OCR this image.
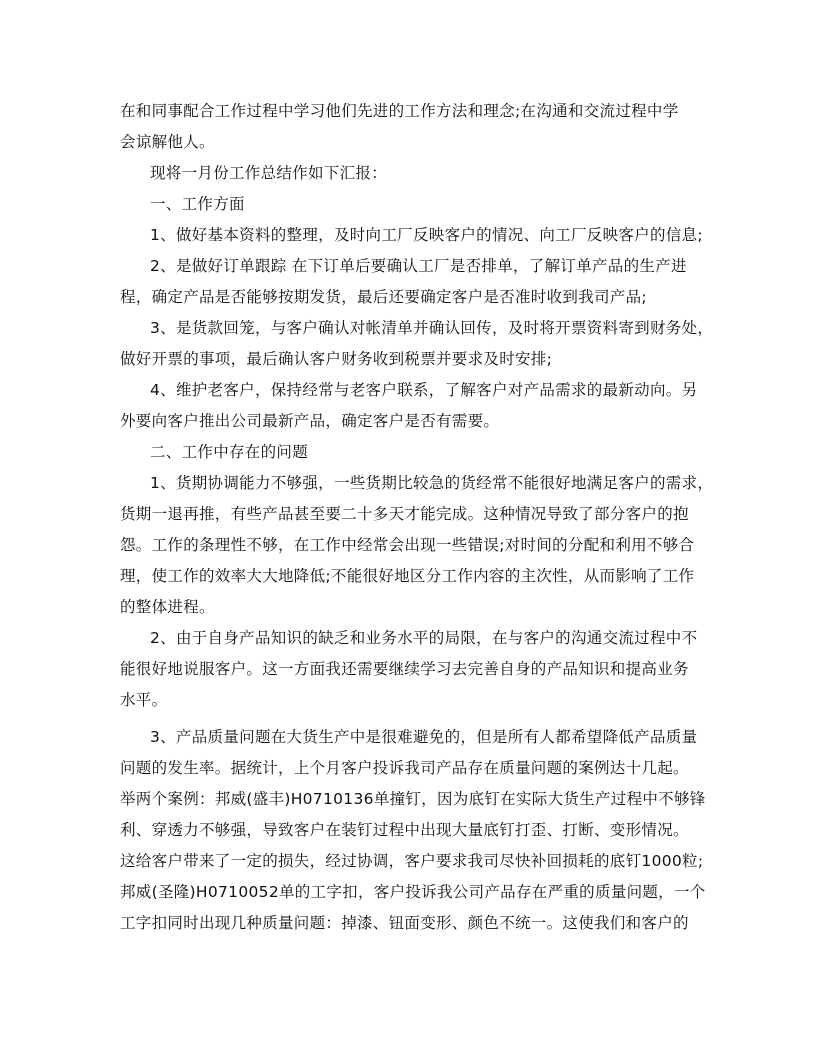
在和同事配合工作过程中学习他们先进的工作方法和理念;在沟通和交流过程中学
会谅解他人。
现将一月份工作总结作如下汇报：
一、工作方面
1、做好基本资料的整理，及时向工厂反映客户的情况、向工厂反映客户的信息;
2、是做好订单跟踪 在下订单后要确认工厂是否排单，了解订单产品的生产进
程，确定产品是否能够按期发货，最后还要确定客户是否准时收到我司产品;
3、是货款回笼，与客户确认对帐清单并确认回传，及时将开票资料寄到财务处，
做好开票的事项，最后确认客户财务收到税票并要求及时安排;
4、维护老客户，保持经常与老客户联系，了解客户对产品需求的最新动向。另
外要向客户推出公司最新产品，确定客户是否有需要。
二、工作中存在的问题
1、货期协调能力不够强，一些货期比较急的货经常不能很好地满足客户的需求，
货期一退再推，有些产品甚至要二十多天才能完成。这种情况导致了部分客户的抱
怨。工作的条理性不够，在工作中经常会出现一些错误;对时间的分配和利用不够合
理，使工作的效率大大地降低;不能很好地区分工作内容的主次性，从而影响了工作
的整体进程。
2、由于自身产品知识的缺乏和业务水平的局限，在与客户的沟通交流过程中不
能很好地说服客户。这一方面我还需要继续学习去完善自身的产品知识和提高业务
水平。
3、产品质量问题在大货生产中是很难避免的，但是所有人都希望降低产品质量
问题的发生率。据统计，上个月客户投诉我司产品存在质量问题的案例达十几起。
举两个案例：邦威(盛丰)H0710136单撞钉，因为底钉在实际大货生产过程中不够锋
利、穿透力不够强，导致客户在装钉过程中出现大量底钉打歪、打断、变形情况。
这给客户带来了一定的损失，经过协调，客户要求我司尽快补回损耗的底钉1000粒;
邦威(圣隆)H0710052单的工字扣，客户投诉我公司产品存在严重的质量问题，一个
工字扣同时出现几种质量问题：掉漆、钮面变形、颜色不统一。这使我们和客户的
